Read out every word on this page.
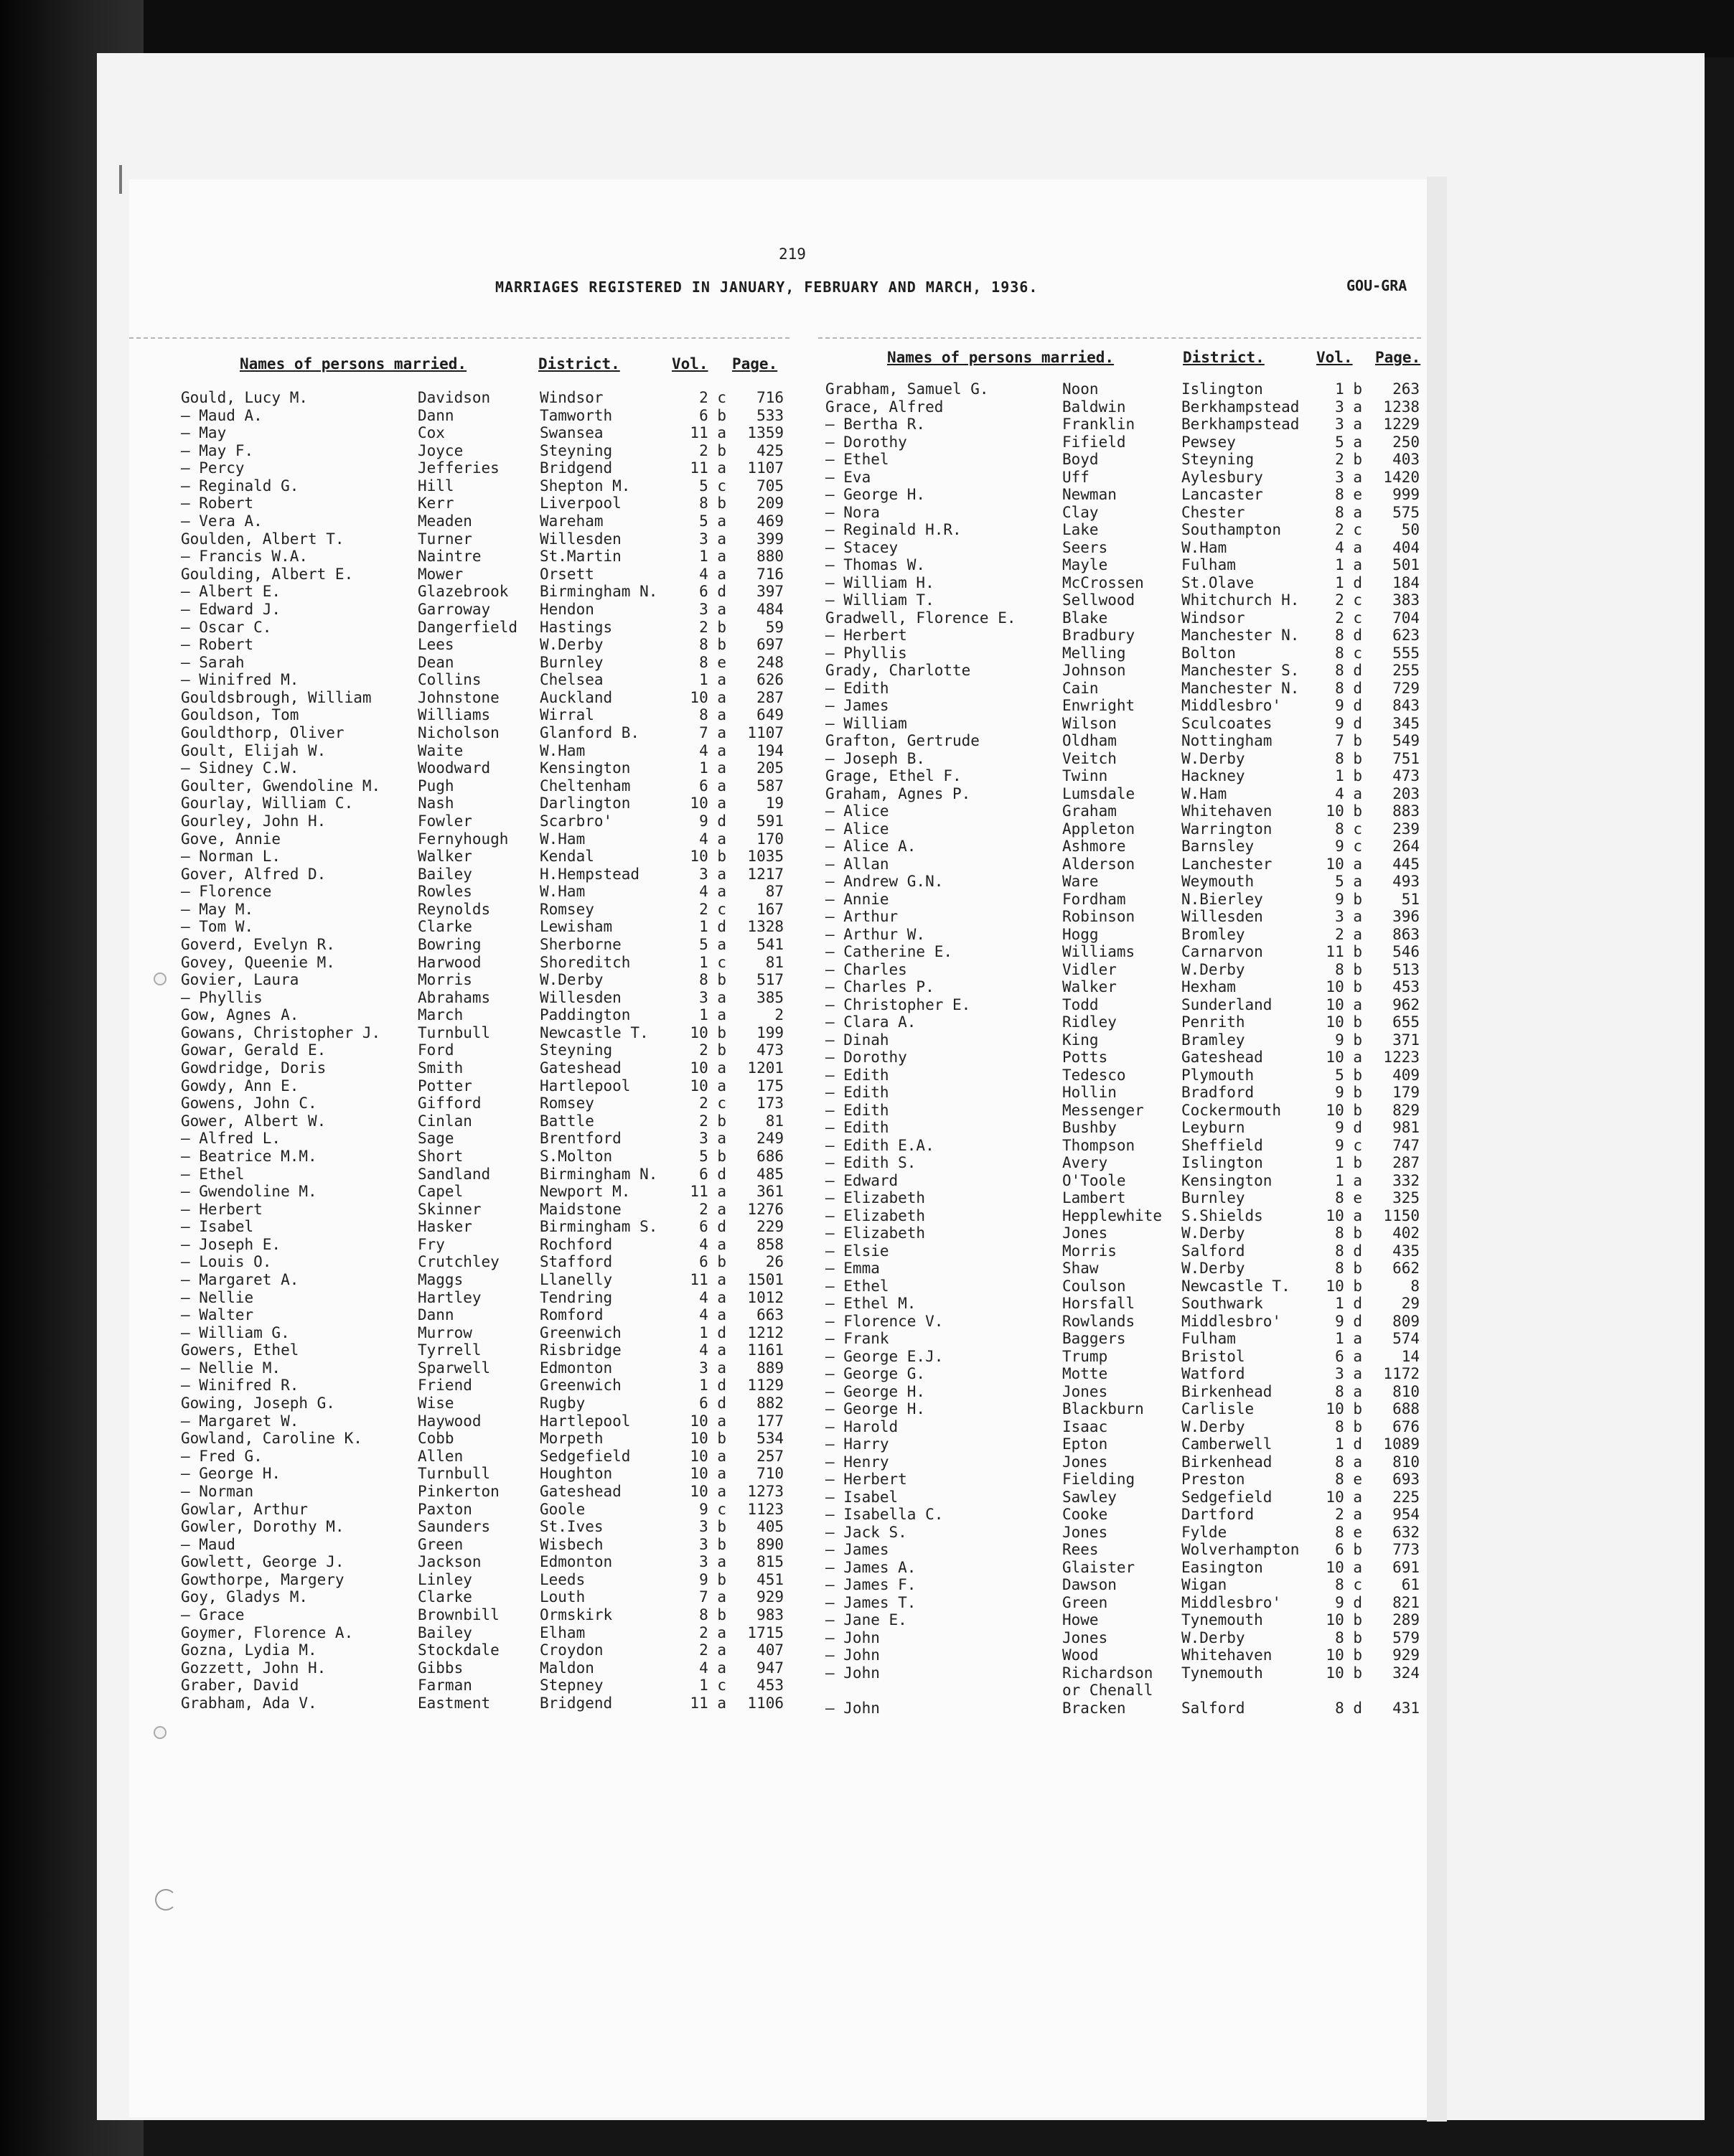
219
MARRIAGES REGISTERED IN JANUARY, FEBRUARY AND MARCH, 1936.	GOU-GRA
Names of persons married.	District.	Vol. Page.	Names of persons married.	District.	Vol. Page.
Gould, Lucy M.	Davidson	Windsor	2 c	716
— Maud A.	Dann	Tamworth	6 b	533
— May	Cox	Swansea	11 a	1359
— May F.	Joyce	Steyning	2 b	425
— Percy	Jefferies	Bridgend	11 a	1107
— Reginald G.	Hill	Shepton M.	5 c	705
— Robert	Kerr	Liverpool	8 b	209
— Vera A.	Meaden	Wareham	5 a	469
Goulden, Albert T.	Turner	Willesden	3 a	399
— Francis W.A.	Naintre	St.Martin	1 a	880
Goulding, Albert E.	Mower	Orsett	4 a	716
— Albert E.	Glazebrook	Birmingham N.	6 d	397
— Edward J.	Garroway	Hendon	3 a	484
— Oscar C.	Dangerfield	Hastings	2 b	59
— Robert	Lees	W.Derby	8 b	697
— Sarah	Dean	Burnley	8 e	248
— Winifred M.	Collins	Chelsea	1 a	626
Gouldsbrough, William	Johnstone	Auckland	10 a	287
Gouldson, Tom	Williams	Wirral	8 a	649
Gouldthorp, Oliver	Nicholson	Glanford B.	7 a	1107
Goult, Elijah W.	Waite	W.Ham	4 a	194
— Sidney C.W.	Woodward	Kensington	1 a	205
Goulter, Gwendoline M.	Pugh	Cheltenham	6 a	587
Gourlay, William C.	Nash	Darlington	10 a	19
Gourley, John H.	Fowler	Scarbro'	9 d	591
Gove, Annie	Fernyhough	W.Ham	4 a	170
— Norman L.	Walker	Kendal	10 b	1035
Gover, Alfred D.	Bailey	H.Hempstead	3 a	1217
— Florence	Rowles	W.Ham	4 a	87
— May M.	Reynolds	Romsey	2 c	167
— Tom W.	Clarke	Lewisham	1 d	1328
Goverd, Evelyn R.	Bowring	Sherborne	5 a	541
Govey, Queenie M.	Harwood	Shoreditch	1 c	81
Govier, Laura	Morris	W.Derby	8 b	517
— Phyllis	Abrahams	Willesden	3 a	385
Gow, Agnes A.	March	Paddington	1 a	2
Gowans, Christopher J.	Turnbull	Newcastle T.	10 b	199
Gowar, Gerald E.	Ford	Steyning	2 b	473
Gowdridge, Doris	Smith	Gateshead	10 a	1201
Gowdy, Ann E.	Potter	Hartlepool	10 a	175
Gowens, John C.	Gifford	Romsey	2 c	173
Gower, Albert W.	Cinlan	Battle	2 b	81
— Alfred L.	Sage	Brentford	3 a	249
— Beatrice M.M.	Short	S.Molton	5 b	686
— Ethel	Sandland	Birmingham N.	6 d	485
— Gwendoline M.	Capel	Newport M.	11 a	361
— Herbert	Skinner	Maidstone	2 a	1276
— Isabel	Hasker	Birmingham S.	6 d	229
— Joseph E.	Fry	Rochford	4 a	858
— Louis O.	Crutchley	Stafford	6 b	26
— Margaret A.	Maggs	Llanelly	11 a	1501
— Nellie	Hartley	Tendring	4 a	1012
— Walter	Dann	Romford	4 a	663
— William G.	Murrow	Greenwich	1 d	1212
Gowers, Ethel	Tyrrell	Risbridge	4 a	1161
— Nellie M.	Sparwell	Edmonton	3 a	889
— Winifred R.	Friend	Greenwich	1 d	1129
Gowing, Joseph G.	Wise	Rugby	6 d	882
— Margaret W.	Haywood	Hartlepool	10 a	177
Gowland, Caroline K.	Cobb	Morpeth	10 b	534
— Fred G.	Allen	Sedgefield	10 a	257
— George H.	Turnbull	Houghton	10 a	710
— Norman	Pinkerton	Gateshead	10 a	1273
Gowlar, Arthur	Paxton	Goole	9 c	1123
Gowler, Dorothy M.	Saunders	St.Ives	3 b	405
— Maud	Green	Wisbech	3 b	890
Gowlett, George J.	Jackson	Edmonton	3 a	815
Gowthorpe, Margery	Linley	Leeds	9 b	451
Goy, Gladys M.	Clarke	Louth	7 a	929
— Grace	Brownbill	Ormskirk	8 b	983
Goymer, Florence A.	Bailey	Elham	2 a	1715
Gozna, Lydia M.	Stockdale	Croydon	2 a	407
Gozzett, John H.	Gibbs	Maldon	4 a	947
Graber, David	Farman	Stepney	1 c	453
Grabham, Ada V.	Eastment	Bridgend	11 a	1106
Grabham, Samuel G.	Noon	Islington	1 b	263
Grace, Alfred	Baldwin	Berkhampstead	3 a	1238
— Bertha R.	Franklin	Berkhampstead	3 a	1229
— Dorothy	Fifield	Pewsey	5 a	250
— Ethel	Boyd	Steyning	2 b	403
— Eva	Uff	Aylesbury	3 a	1420
— George H.	Newman	Lancaster	8 e	999
— Nora	Clay	Chester	8 a	575
— Reginald H.R.	Lake	Southampton	2 c	50
— Stacey	Seers	W.Ham	4 a	404
— Thomas W.	Mayle	Fulham	1 a	501
— William H.	McCrossen	St.Olave	1 d	184
— William T.	Sellwood	Whitchurch H.	2 c	383
Gradwell, Florence E.	Blake	Windsor	2 c	704
— Herbert	Bradbury	Manchester N.	8 d	623
— Phyllis	Melling	Bolton	8 c	555
Grady, Charlotte	Johnson	Manchester S.	8 d	255
— Edith	Cain	Manchester N.	8 d	729
— James	Enwright	Middlesbro'	9 d	843
— William	Wilson	Sculcoates	9 d	345
Grafton, Gertrude	Oldham	Nottingham	7 b	549
— Joseph B.	Veitch	W.Derby	8 b	751
Grage, Ethel F.	Twinn	Hackney	1 b	473
Graham, Agnes P.	Lumsdale	W.Ham	4 a	203
— Alice	Graham	Whitehaven	10 b	883
— Alice	Appleton	Warrington	8 c	239
— Alice A.	Ashmore	Barnsley	9 c	264
— Allan	Alderson	Lanchester	10 a	445
— Andrew G.N.	Ware	Weymouth	5 a	493
— Annie	Fordham	N.Bierley	9 b	51
— Arthur	Robinson	Willesden	3 a	396
— Arthur W.	Hogg	Bromley	2 a	863
— Catherine E.	Williams	Carnarvon	11 b	546
— Charles	Vidler	W.Derby	8 b	513
— Charles P.	Walker	Hexham	10 b	453
— Christopher E.	Todd	Sunderland	10 a	962
— Clara A.	Ridley	Penrith	10 b	655
— Dinah	King	Bramley	9 b	371
— Dorothy	Potts	Gateshead	10 a	1223
— Edith	Tedesco	Plymouth	5 b	409
— Edith	Hollin	Bradford	9 b	179
— Edith	Messenger	Cockermouth	10 b	829
— Edith	Bushby	Leyburn	9 d	981
— Edith E.A.	Thompson	Sheffield	9 c	747
— Edith S.	Avery	Islington	1 b	287
— Edward	O'Toole	Kensington	1 a	332
— Elizabeth	Lambert	Burnley	8 e	325
— Elizabeth	Hepplewhite	S.Shields	10 a	1150
— Elizabeth	Jones	W.Derby	8 b	402
— Elsie	Morris	Salford	8 d	435
— Emma	Shaw	W.Derby	8 b	662
— Ethel	Coulson	Newcastle T.	10 b	8
— Ethel M.	Horsfall	Southwark	1 d	29
— Florence V.	Rowlands	Middlesbro'	9 d	809
— Frank	Baggers	Fulham	1 a	574
— George E.J.	Trump	Bristol	6 a	14
— George G.	Motte	Watford	3 a	1172
— George H.	Jones	Birkenhead	8 a	810
— George H.	Blackburn	Carlisle	10 b	688
— Harold	Isaac	W.Derby	8 b	676
— Harry	Epton	Camberwell	1 d	1089
— Henry	Jones	Birkenhead	8 a	810
— Herbert	Fielding	Preston	8 e	693
— Isabel	Sawley	Sedgefield	10 a	225
— Isabella C.	Cooke	Dartford	2 a	954
— Jack S.	Jones	Fylde	8 e	632
— James	Rees	Wolverhampton	6 b	773
— James A.	Glaister	Easington	10 a	691
— James F.	Dawson	Wigan	8 c	61
— James T.	Green	Middlesbro'	9 d	821
— Jane E.	Howe	Tynemouth	10 b	289
— John	Jones	W.Derby	8 b	579
— John	Wood	Whitehaven	10 b	929
— John	Richardson	Tynemouth	10 b	324
or Chenall
— John	Bracken	Salford	8 d	431
